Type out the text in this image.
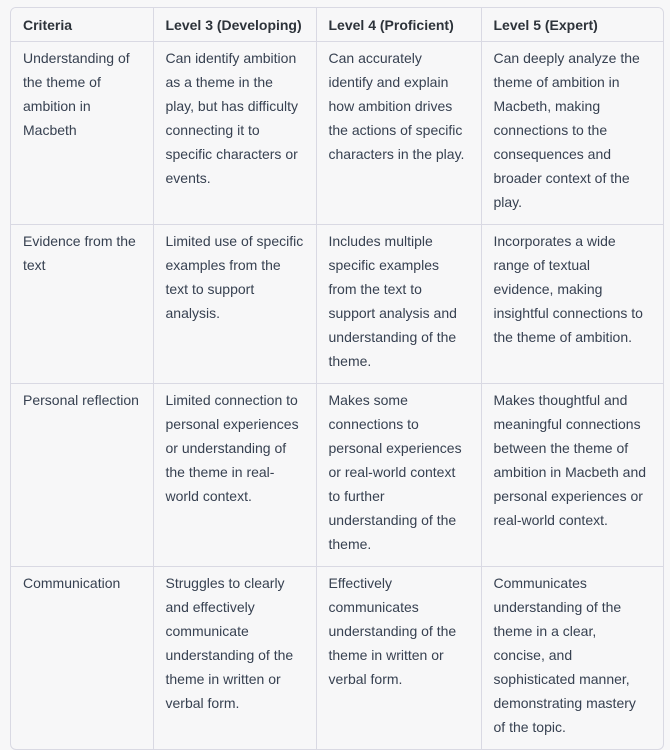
Criteria	Level 3 (Developing)	Level 4 (Proficient)	Level 5 (Expert)
Understanding of the theme of ambition in Macbeth	Can identify ambition as a theme in the play, but has difficulty connecting it to specific characters or events.	Can accurately identify and explain how ambition drives the actions of specific characters in the play.	Can deeply analyze the theme of ambition in Macbeth, making connections to the consequences and broader context of the play.
Evidence from the text	Limited use of specific examples from the text to support analysis.	Includes multiple specific examples from the text to support analysis and understanding of the theme.	Incorporates a wide range of textual evidence, making insightful connections to the theme of ambition.
Personal reflection	Limited connection to personal experiences or understanding of the theme in real-world context.	Makes some connections to personal experiences or real-world context to further understanding of the theme.	Makes thoughtful and meaningful connections between the theme of ambition in Macbeth and personal experiences or real-world context.
Communication	Struggles to clearly and effectively communicate understanding of the theme in written or verbal form.	Effectively communicates understanding of the theme in written or verbal form.	Communicates understanding of the theme in a clear, concise, and sophisticated manner, demonstrating mastery of the topic.
